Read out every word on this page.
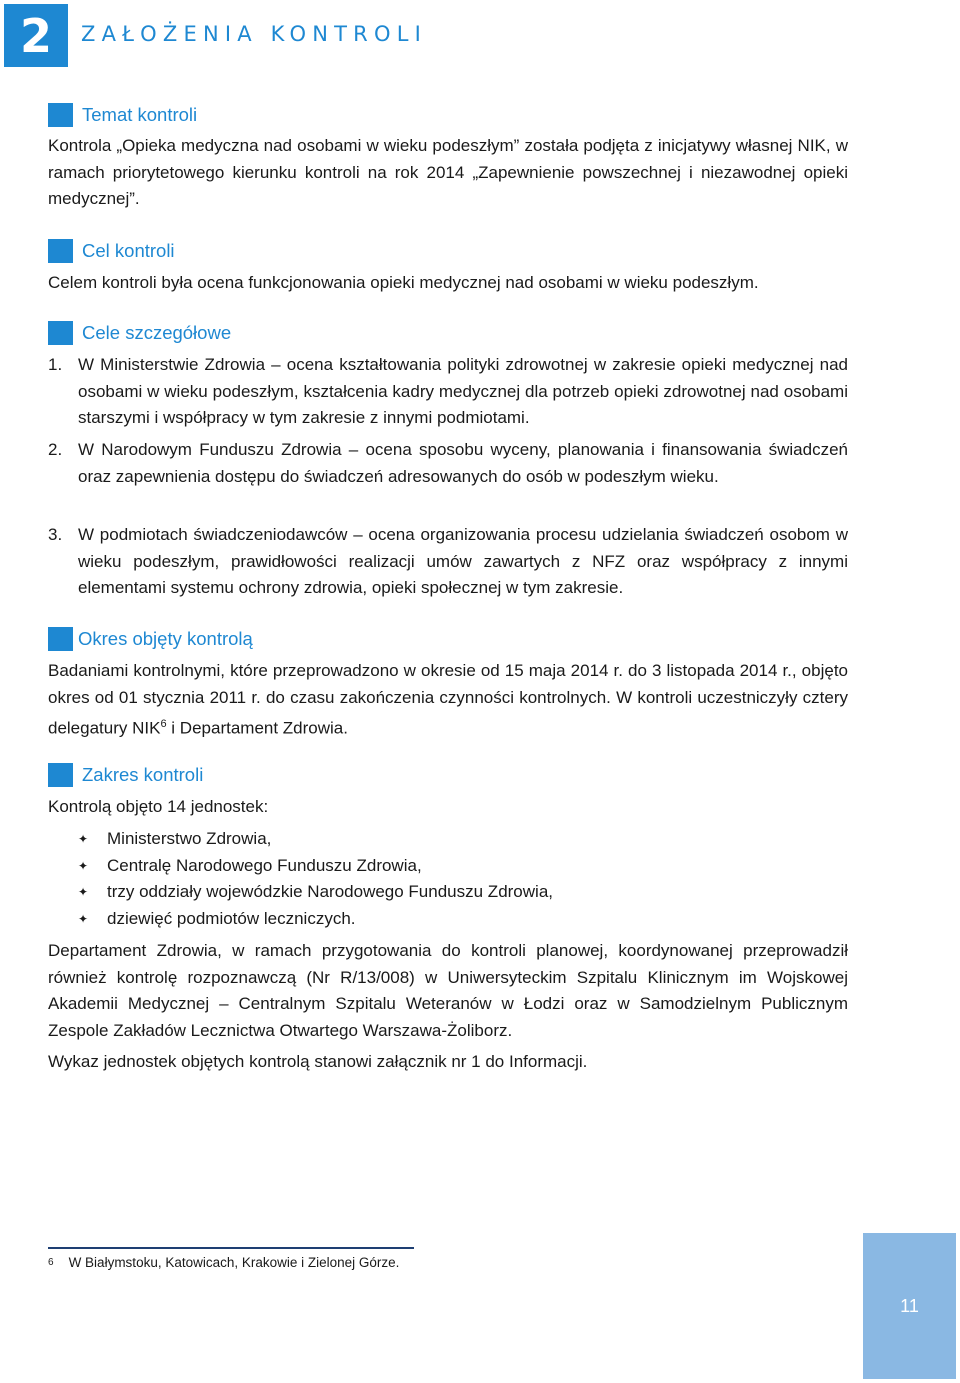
2	ZAŁOŻENIA KONTROLI
Temat kontroli
Kontrola „Opieka medyczna nad osobami w wieku podeszłym” została podjęta z inicjatywy własnej NIK, w ramach priorytetowego kierunku kontroli na rok 2014 „Zapewnienie powszechnej i niezawodnej opieki medycznej”.
Cel kontroli
Celem kontroli była ocena funkcjonowania opieki medycznej nad osobami w wieku podeszłym.
Cele szczegółowe
1. W Ministerstwie Zdrowia – ocena kształtowania polityki zdrowotnej w zakresie opieki medycznej nad osobami w wieku podeszłym, kształcenia kadry medycznej dla potrzeb opieki zdrowotnej nad osobami starszymi i współpracy w tym zakresie z innymi podmiotami.
2. W Narodowym Funduszu Zdrowia – ocena sposobu wyceny, planowania i finansowania świadczeń oraz zapewnienia dostępu do świadczeń adresowanych do osób w podeszłym wieku.
3. W podmiotach świadczeniodawców – ocena organizowania procesu udzielania świadczeń osobom w wieku podeszłym, prawidłowości realizacji umów zawartych z NFZ oraz współpracy z innymi elementami systemu ochrony zdrowia, opieki społecznej w tym zakresie.
Okres objęty kontrolą
Badaniami kontrolnymi, które przeprowadzono w okresie od 15 maja 2014 r. do 3 listopada 2014 r., objęto okres od 01 stycznia 2011 r. do czasu zakończenia czynności kontrolnych. W kontroli uczestniczyły cztery delegatury NIK$^6$ i Departament Zdrowia.
Zakres kontroli
Kontrolą objęto 14 jednostek:
✦ Ministerstwo Zdrowia,
✦ Centralę Narodowego Funduszu Zdrowia,
✦ trzy oddziały wojewódzkie Narodowego Funduszu Zdrowia,
✦ dziewięć podmiotów leczniczych.
Departament Zdrowia, w ramach przygotowania do kontroli planowej, koordynowanej przeprowadził również kontrolę rozpoznawczą (Nr R/13/008) w Uniwersyteckim Szpitalu Klinicznym im Wojskowej Akademii Medycznej – Centralnym Szpitalu Weteranów w Łodzi oraz w Samodzielnym Publicznym Zespole Zakładów Lecznictwa Otwartego Warszawa-Żoliborz.
Wykaz jednostek objętych kontrolą stanowi załącznik nr 1 do Informacji.
$^6$ W Białymstoku, Katowicach, Krakowie i Zielonej Górze.
11
